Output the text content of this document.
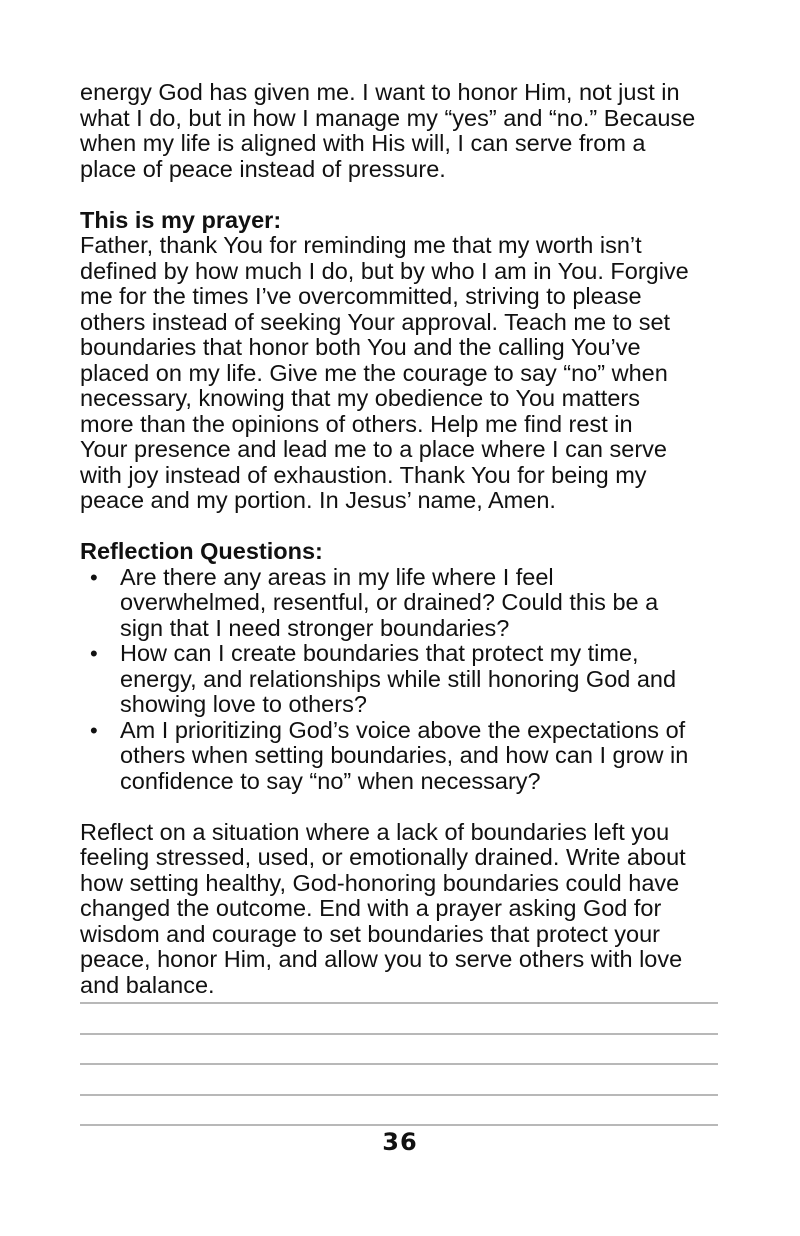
energy God has given me. I want to honor Him, not just in
what I do, but in how I manage my “yes” and “no.” Because
when my life is aligned with His will, I can serve from a
place of peace instead of pressure.
This is my prayer:
Father, thank You for reminding me that my worth isn’t
defined by how much I do, but by who I am in You. Forgive
me for the times I’ve overcommitted, striving to please
others instead of seeking Your approval. Teach me to set
boundaries that honor both You and the calling You’ve
placed on my life. Give me the courage to say “no” when
necessary, knowing that my obedience to You matters
more than the opinions of others. Help me find rest in
Your presence and lead me to a place where I can serve
with joy instead of exhaustion. Thank You for being my
peace and my portion. In Jesus’ name, Amen.
Reflection Questions:
• Are there any areas in my life where I feel
overwhelmed, resentful, or drained? Could this be a
sign that I need stronger boundaries?
• How can I create boundaries that protect my time,
energy, and relationships while still honoring God and
showing love to others?
• Am I prioritizing God’s voice above the expectations of
others when setting boundaries, and how can I grow in
confidence to say “no” when necessary?
Reflect on a situation where a lack of boundaries left you
feeling stressed, used, or emotionally drained. Write about
how setting healthy, God-honoring boundaries could have
changed the outcome. End with a prayer asking God for
wisdom and courage to set boundaries that protect your
peace, honor Him, and allow you to serve others with love
and balance.
36
